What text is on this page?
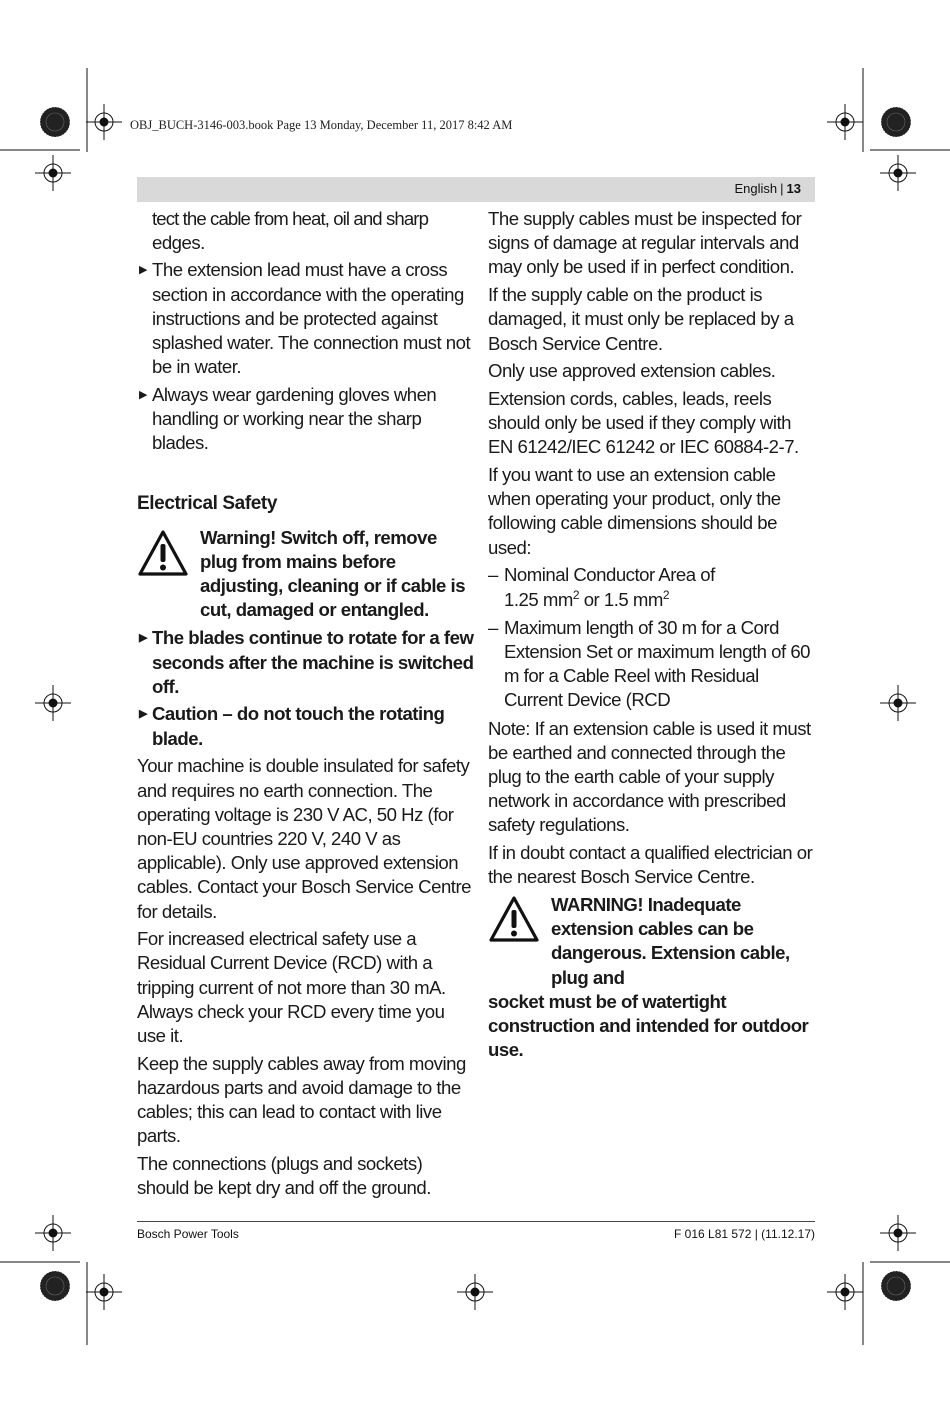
OBJ_BUCH-3146-003.book Page 13 Monday, December 11, 2017 8:42 AM
English | 13
tect the cable from heat, oil and sharp
edges.

▶ The extension lead must have a cross section in accordance with the operating instructions and be protected against splashed water. The connection must not be in water.

▶ Always wear gardening gloves when handling or working near the sharp blades.

Electrical Safety
Warning! Switch off, remove plug from mains before adjusting, cleaning or if cable is cut, damaged or entangled.

▶ The blades continue to rotate for a few seconds after the machine is switched off.

▶ Caution – do not touch the rotating blade.

Your machine is double insulated for safety and requires no earth connection. The operating voltage is 230 V AC, 50 Hz (for non-EU countries 220 V, 240 V as applicable). Only use approved extension cables. Contact your Bosch Service Centre for details.

For increased electrical safety use a Residual Current Device (RCD) with a tripping current of not more than 30 mA. Always check your RCD every time you use it.

Keep the supply cables away from moving hazardous parts and avoid damage to the cables; this can lead to contact with live parts.

The connections (plugs and sockets) should be kept dry and off the ground.

The supply cables must be inspected for signs of damage at regular intervals and may only be used if in perfect condition.

If the supply cable on the product is damaged, it must only be replaced by a Bosch Service Centre.

Only use approved extension cables.

Extension cords, cables, leads, reels should only be used if they comply with EN 61242/IEC 61242 or IEC 60884-2-7.

If you want to use an extension cable when operating your product, only the following cable dimensions should be used:

– Nominal Conductor Area of
1.25 $mm^2$ or 1.5 $mm^2$
– Maximum length of 30 m for a Cord Extension Set or maximum length of 60 m for a Cable Reel with Residual Current Device (RCD

Note: If an extension cable is used it must be earthed and connected through the plug to the earth cable of your supply network in accordance with prescribed safety regulations.

If in doubt contact a qualified electrician or the nearest Bosch Service Centre.

WARNING! Inadequate extension cables can be dangerous. Extension cable, plug and
socket must be of watertight construction and intended for outdoor use.
Bosch Power Tools	F 016 L81 572 | (11.12.17)
